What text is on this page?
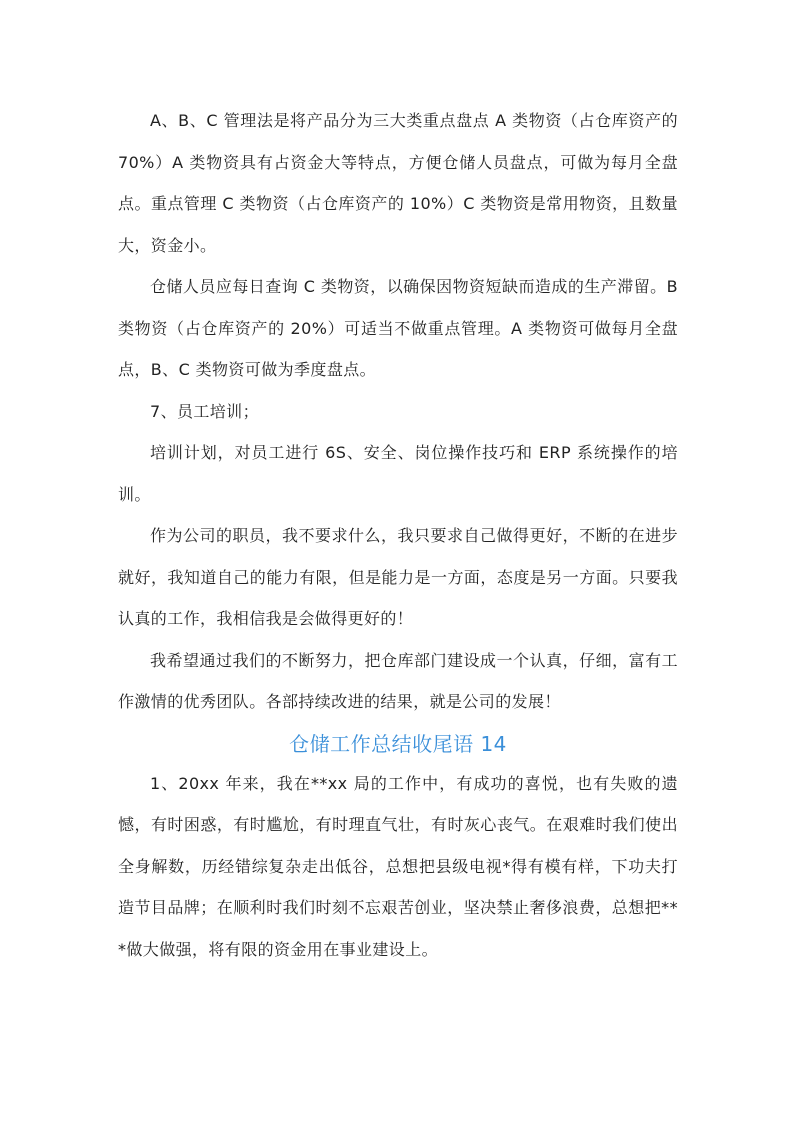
A、B、C 管理法是将产品分为三大类重点盘点 A 类物资（占仓库资产的 70%）A 类物资具有占资金大等特点，方便仓储人员盘点，可做为每月全盘点。重点管理 C 类物资（占仓库资产的 10%）C 类物资是常用物资，且数量大，资金小。

仓储人员应每日查询 C 类物资，以确保因物资短缺而造成的生产滞留。B 类物资（占仓库资产的 20%）可适当不做重点管理。A 类物资可做每月全盘点，B、C 类物资可做为季度盘点。

7、员工培训；

培训计划，对员工进行 6S、安全、岗位操作技巧和 ERP 系统操作的培训。

作为公司的职员，我不要求什么，我只要求自己做得更好，不断的在进步就好，我知道自己的能力有限，但是能力是一方面，态度是另一方面。只要我认真的工作，我相信我是会做得更好的！

我希望通过我们的不断努力，把仓库部门建设成一个认真，仔细，富有工作激情的优秀团队。各部持续改进的结果，就是公司的发展！

仓储工作总结收尾语 14

1、20xx 年来，我在**xx 局的工作中，有成功的喜悦，也有失败的遗憾，有时困惑，有时尴尬，有时理直气壮，有时灰心丧气。在艰难时我们使出全身解数，历经错综复杂走出低谷，总想把县级电视*得有模有样，下功夫打造节目品牌；在顺利时我们时刻不忘艰苦创业，坚决禁止奢侈浪费，总想把***做大做强，将有限的资金用在事业建设上。
